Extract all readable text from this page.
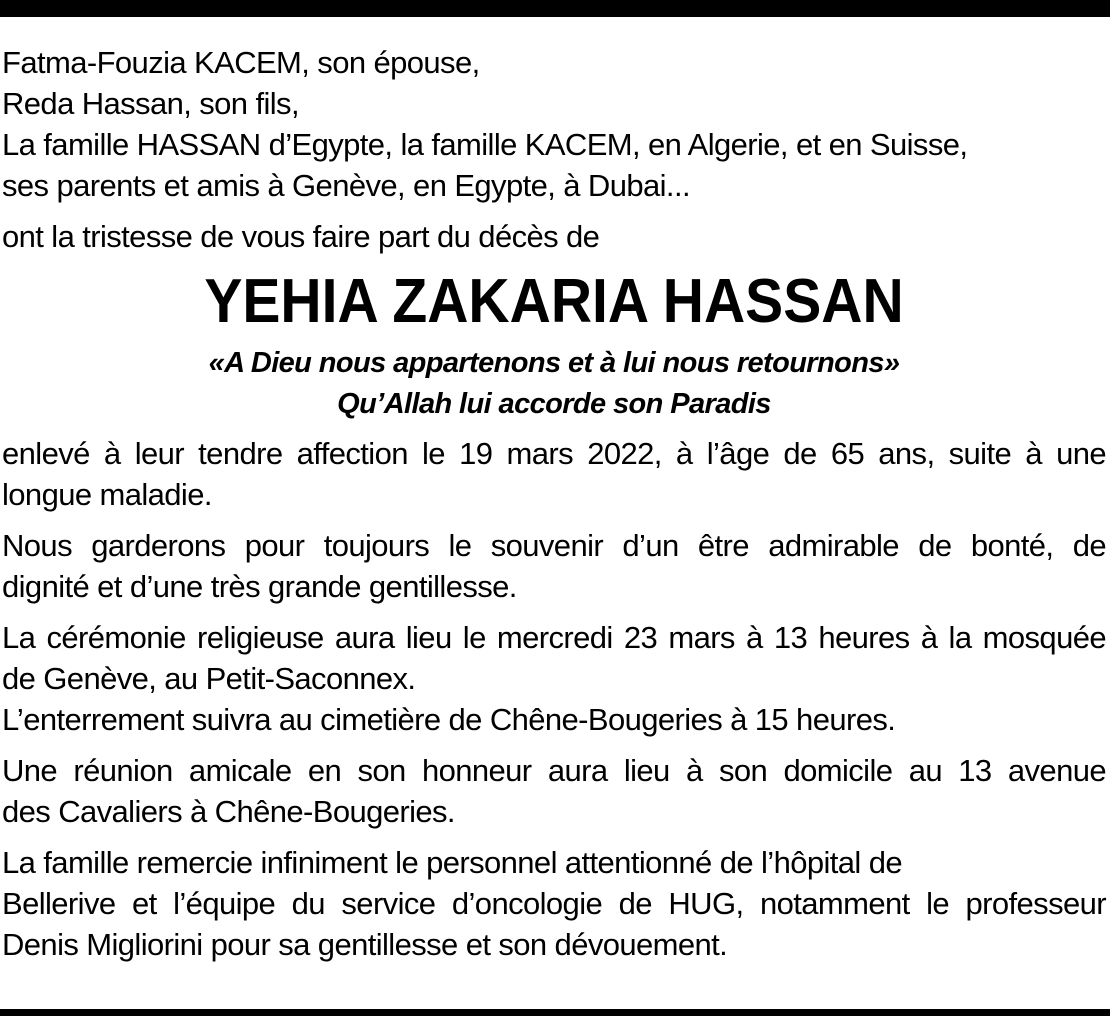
Fatma-Fouzia KACEM, son épouse,
Reda Hassan, son fils,
La famille HASSAN d’Egypte, la famille KACEM, en Algerie, et en Suisse,
ses parents et amis à Genève, en Egypte, à Dubai...

ont la tristesse de vous faire part du décès de

YEHIA ZAKARIA HASSAN
«A Dieu nous appartenons et à lui nous retournons»
Qu’Allah lui accorde son Paradis

enlevé à leur tendre affection le 19 mars 2022, à l’âge de 65 ans, suite à une
longue maladie.

Nous garderons pour toujours le souvenir d’un être admirable de bonté, de
dignité et d’une très grande gentillesse.

La cérémonie religieuse aura lieu le mercredi 23 mars à 13 heures à la mosquée
de Genève, au Petit-Saconnex.
L’enterrement suivra au cimetière de Chêne-Bougeries à 15 heures.

Une réunion amicale en son honneur aura lieu à son domicile au 13 avenue
des Cavaliers à Chêne-Bougeries.

La famille remercie infiniment le personnel attentionné de l’hôpital de
Bellerive et l’équipe du service d’oncologie de HUG, notamment le professeur
Denis Migliorini pour sa gentillesse et son dévouement.
